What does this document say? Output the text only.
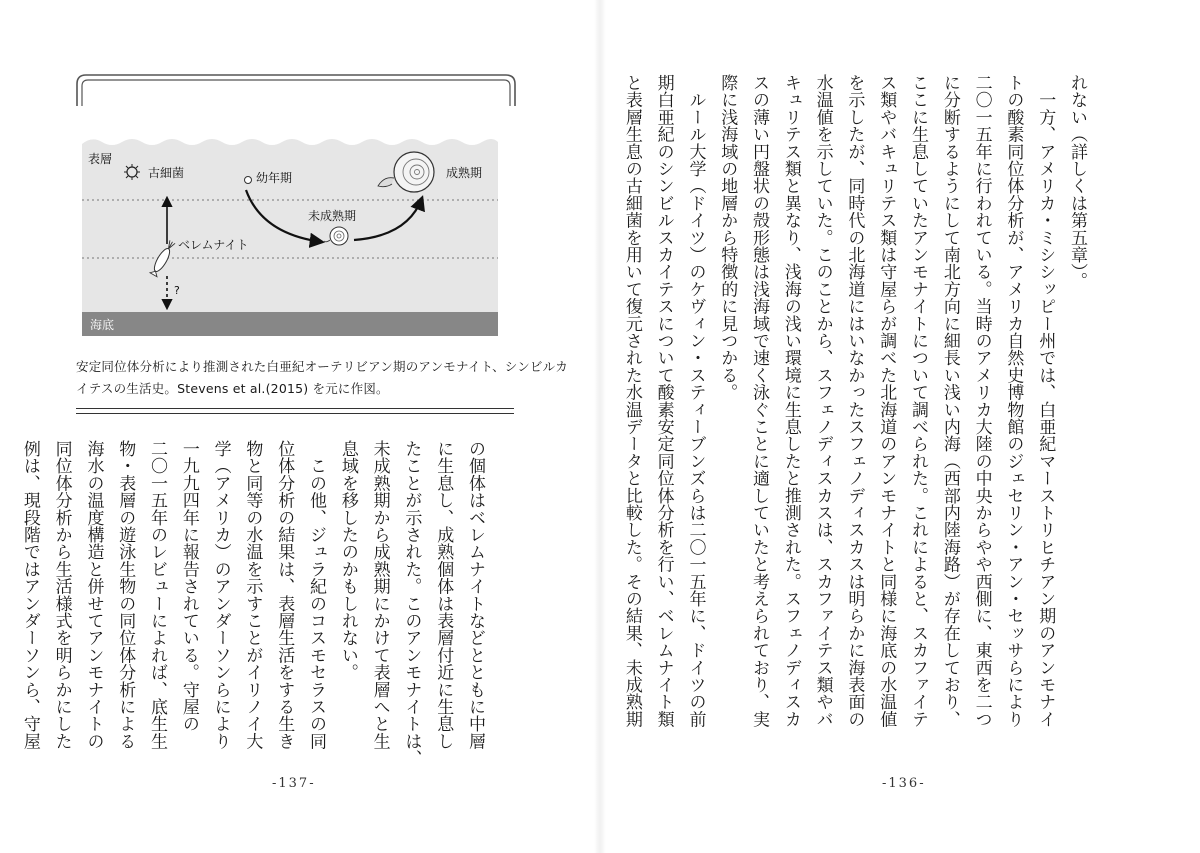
海底
表層
古細菌	幼年期
未成熟期
成熟期
?
ベレムナイト
安定同位体分析により推測された白亜紀オーテリビアン期のアンモナイト、シンビルカ
イテスの生活史。Stevens et al.(2015) を元に作図。

の個体はベレムナイトなどとともに中層

に生息し、成熟個体は表層付近に生息し

たことが示された。このアンモナイトは、

未成熟期から成熟期にかけて表層へと生

息域を移したのかもしれない。

　この他、ジュラ紀のコスモセラスの同

位体分析の結果は、表層生活をする生き

物と同等の水温を示すことがイリノイ大

学（アメリカ）のアンダーソンらにより

一九九四年に報告されている。守屋の

二〇一五年のレビューによれば、底生生

物・表層の遊泳生物の同位体分析による

海水の温度構造と併せてアンモナイトの

同位体分析から生活様式を明らかにした

例は、現段階ではアンダーソンら、守屋

-137-

れない（詳しくは第五章）。

　一方、アメリカ・ミシシッピー州では、白亜紀マーストリヒチアン期のアンモナイ

トの酸素同位体分析が、アメリカ自然史博物館のジェセリン・アン・セッサらにより

二〇一五年に行われている。当時のアメリカ大陸の中央からやや西側に、東西を二つ

に分断するようにして南北方向に細長い浅い内海（西部内陸海路）が存在しており、

ここに生息していたアンモナイトについて調べられた。これによると、スカファイテ

ス類やバキュリテス類は守屋らが調べた北海道のアンモナイトと同様に海底の水温値

を示したが、同時代の北海道にはいなかったスフェノディスカスは明らかに海表面の

水温値を示していた。このことから、スフェノディスカスは、スカファイテス類やバ

キュリテス類と異なり、浅海の浅い環境に生息したと推測された。スフェノディスカ

スの薄い円盤状の殻形態は浅海域で速く泳ぐことに適していたと考えられており、実

際に浅海域の地層から特徴的に見つかる。

　ルール大学（ドイツ）のケヴィン・スティーブンズらは二〇一五年に、ドイツの前

期白亜紀のシンビルスカイテスについて酸素安定同位体分析を行い、ベレムナイト類

と表層生息の古細菌を用いて復元された水温データと比較した。その結果、未成熟期

-136-
